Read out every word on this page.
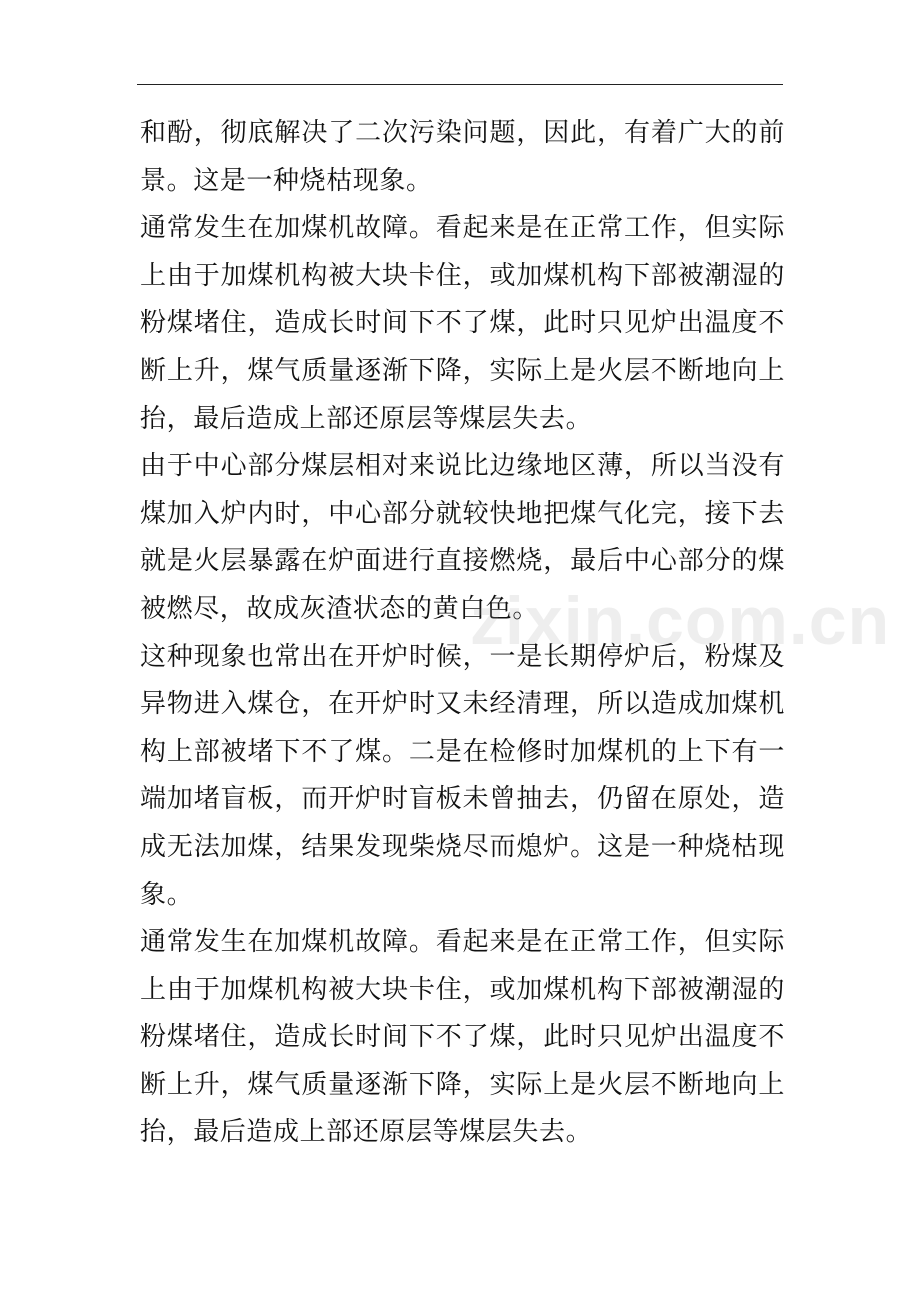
和酚，彻底解决了二次污染问题，因此，有着广大的前景。这是一种烧枯现象。

通常发生在加煤机故障。看起来是在正常工作，但实际上由于加煤机构被大块卡住，或加煤机构下部被潮湿的粉煤堵住，造成长时间下不了煤，此时只见炉出温度不断上升，煤气质量逐渐下降，实际上是火层不断地向上抬，最后造成上部还原层等煤层失去。

由于中心部分煤层相对来说比边缘地区薄，所以当没有煤加入炉内时，中心部分就较快地把煤气化完，接下去就是火层暴露在炉面进行直接燃烧，最后中心部分的煤被燃尽，故成灰渣状态的黄白色。

这种现象也常出在开炉时候，一是长期停炉后，粉煤及异物进入煤仓，在开炉时又未经清理，所以造成加煤机构上部被堵下不了煤。二是在检修时加煤机的上下有一端加堵盲板，而开炉时盲板未曾抽去，仍留在原处，造成无法加煤，结果发现柴烧尽而熄炉。这是一种烧枯现象。

通常发生在加煤机故障。看起来是在正常工作，但实际上由于加煤机构被大块卡住，或加煤机构下部被潮湿的粉煤堵住，造成长时间下不了煤，此时只见炉出温度不断上升，煤气质量逐渐下降，实际上是火层不断地向上抬，最后造成上部还原层等煤层失去。

zixin.com.cn
